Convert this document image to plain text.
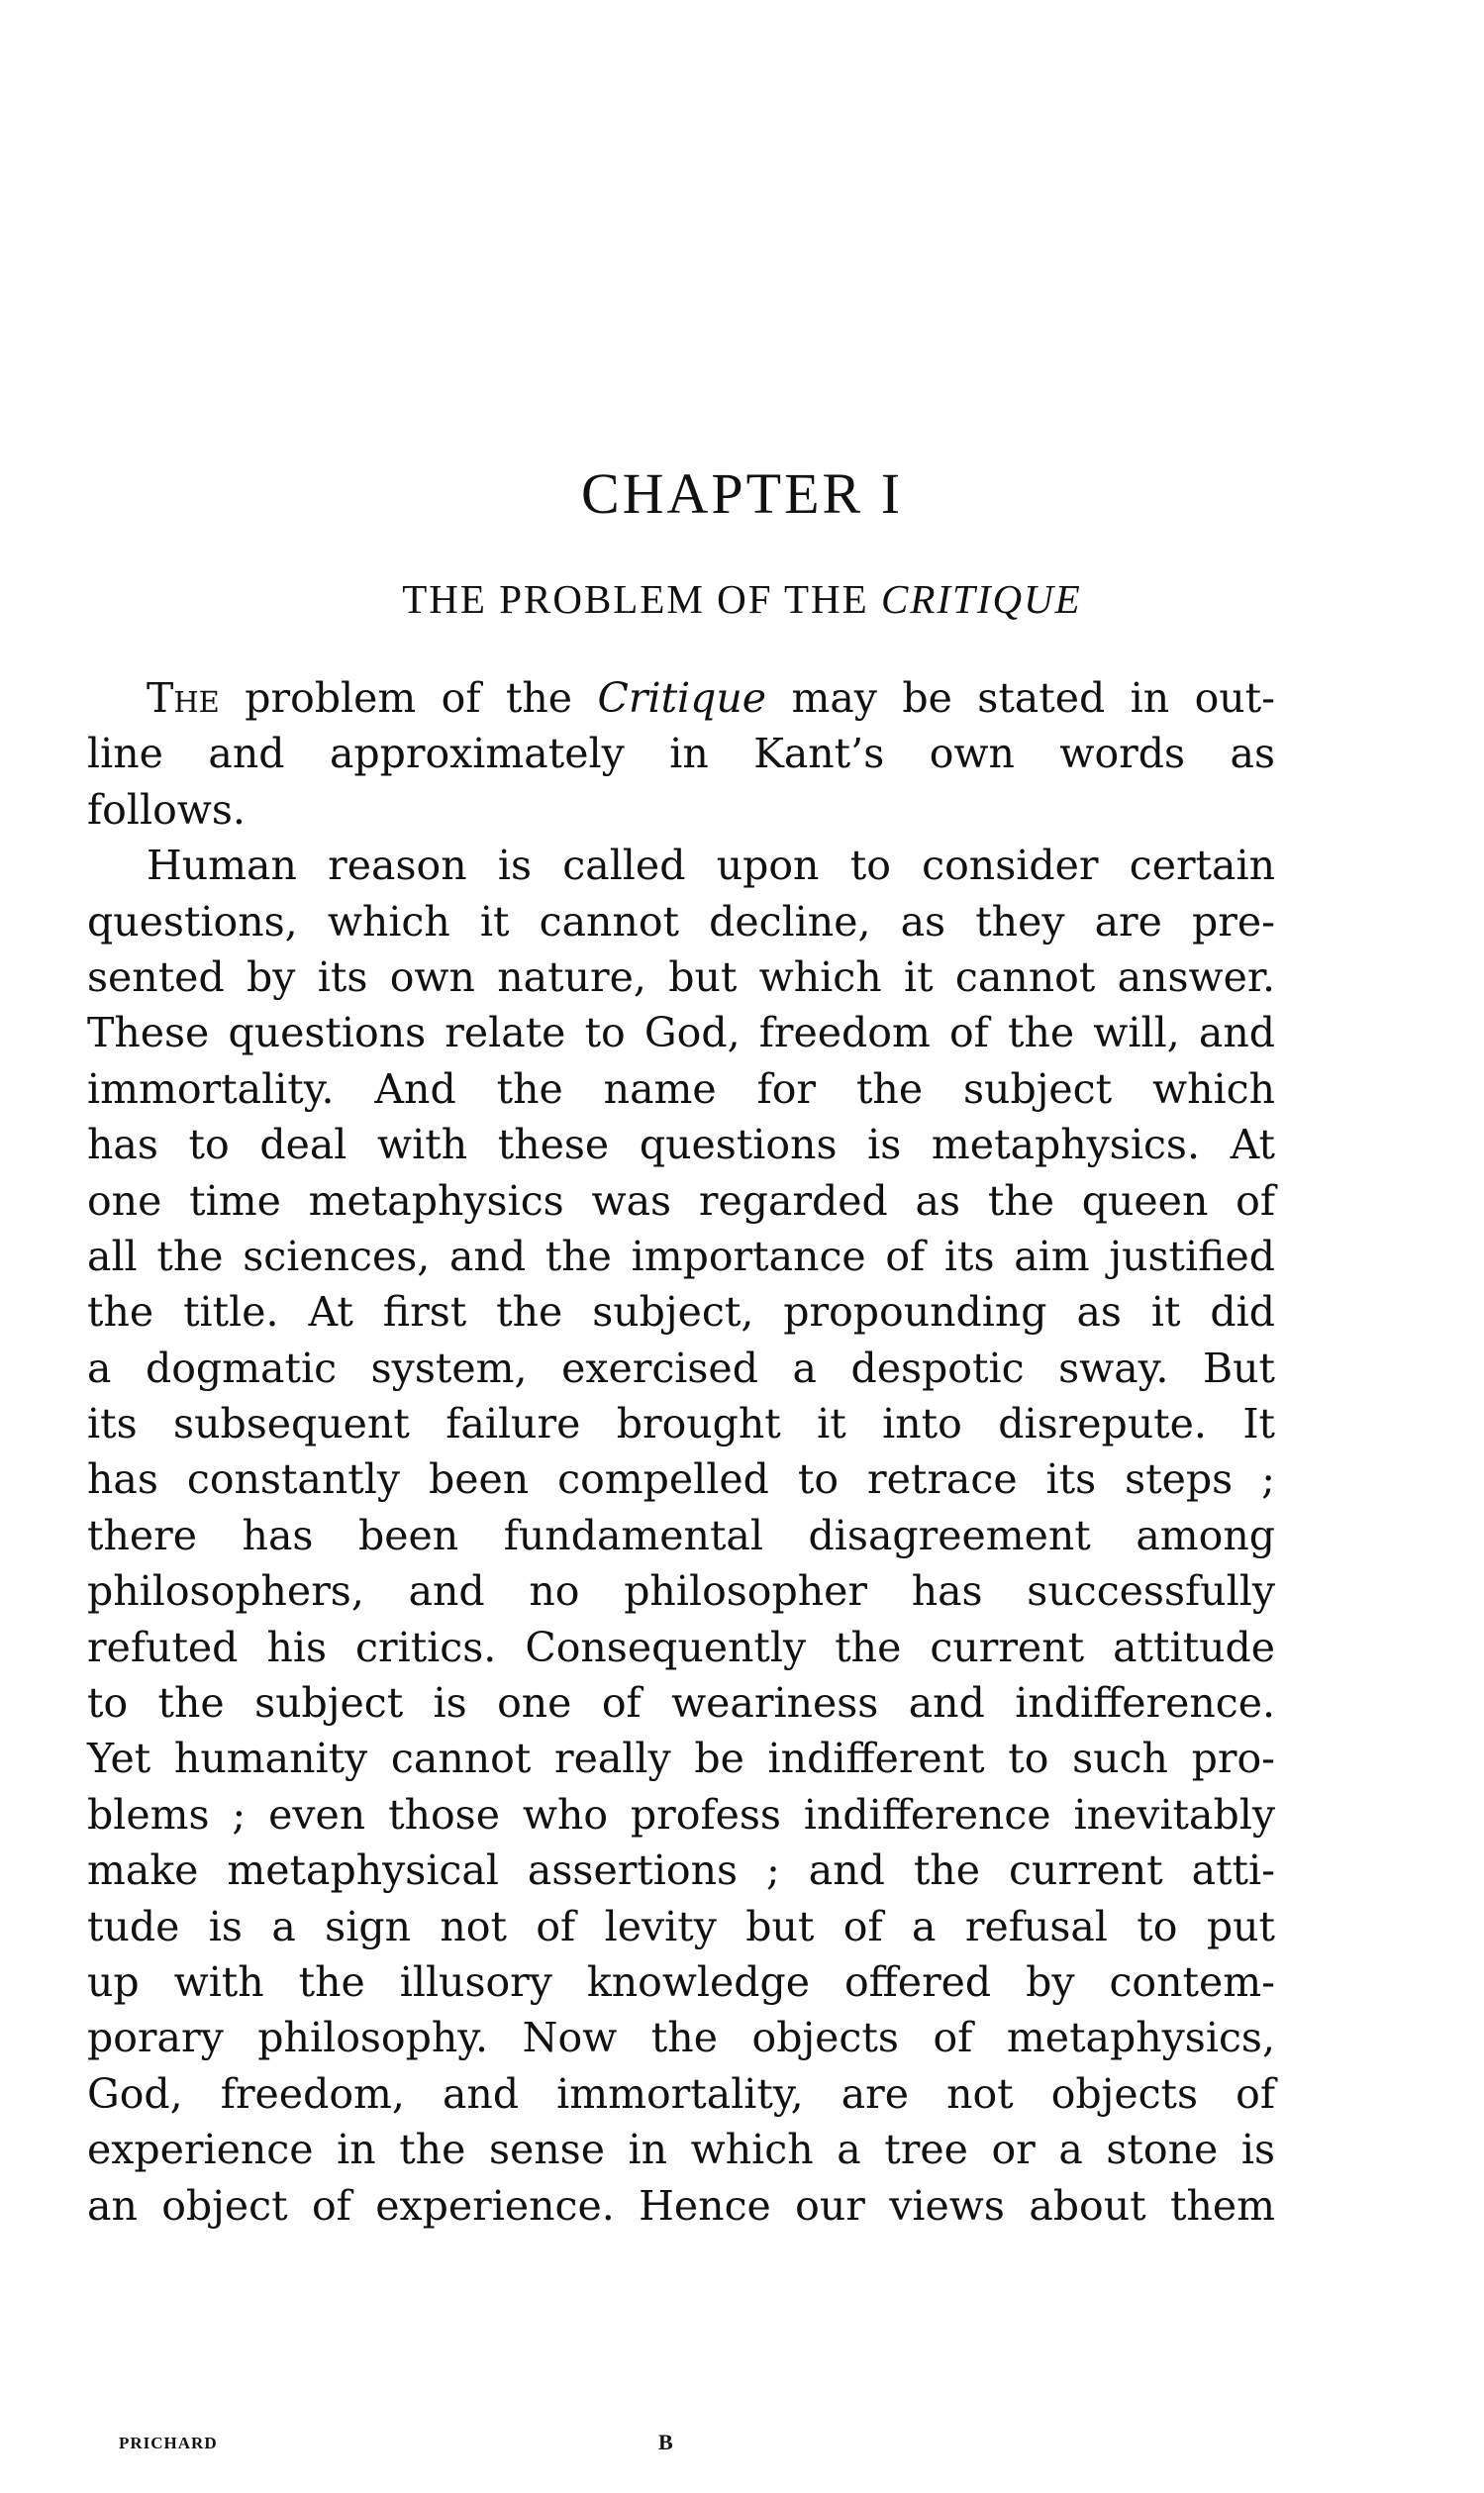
CHAPTER I
THE PROBLEM OF THE CRITIQUE
The problem of the Critique may be stated in out-
line and approximately in Kant’s own words as
follows.
Human reason is called upon to consider certain
questions, which it cannot decline, as they are pre-
sented by its own nature, but which it cannot answer.
These questions relate to God, freedom of the will, and
immortality. And the name for the subject which
has to deal with these questions is metaphysics. At
one time metaphysics was regarded as the queen of
all the sciences, and the importance of its aim justified
the title. At first the subject, propounding as it did
a dogmatic system, exercised a despotic sway. But
its subsequent failure brought it into disrepute. It
has constantly been compelled to retrace its steps ;
there has been fundamental disagreement among
philosophers, and no philosopher has successfully
refuted his critics. Consequently the current attitude
to the subject is one of weariness and indifference.
Yet humanity cannot really be indifferent to such pro-
blems ; even those who profess indifference inevitably
make metaphysical assertions ; and the current atti-
tude is a sign not of levity but of a refusal to put
up with the illusory knowledge offered by contem-
porary philosophy. Now the objects of metaphysics,
God, freedom, and immortality, are not objects of
experience in the sense in which a tree or a stone is
an object of experience. Hence our views about them
PRICHARD	B
